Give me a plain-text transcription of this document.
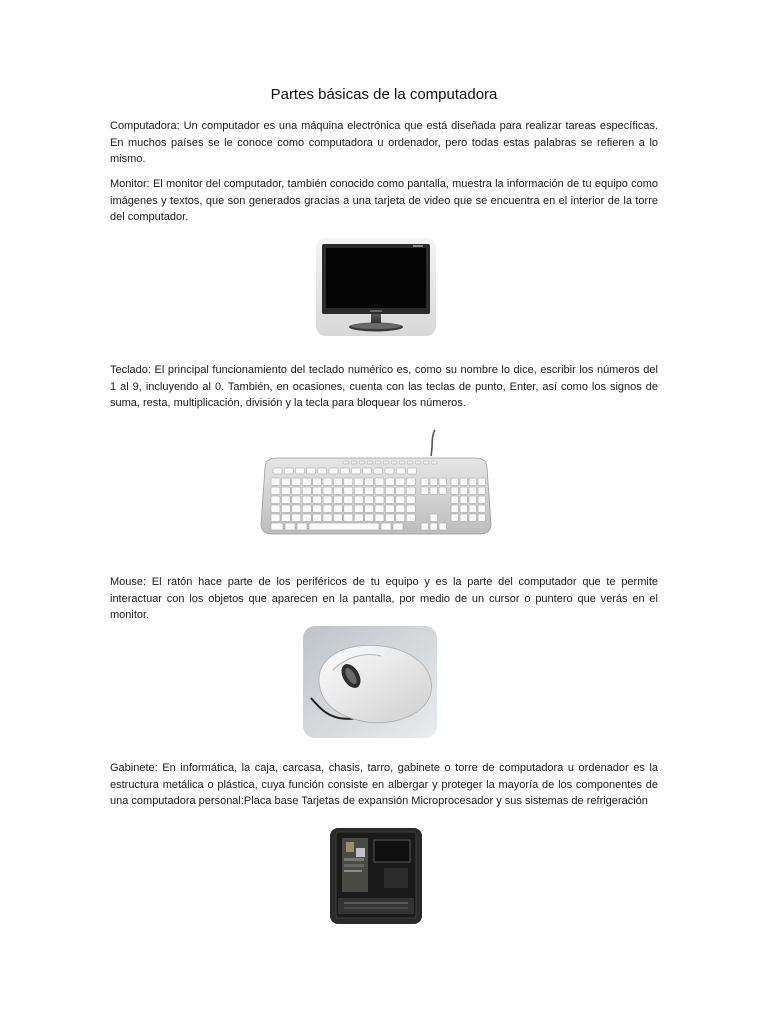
Partes básicas de la computadora

Computadora: Un computador es una máquina electrónica que está diseñada para realizar tareas específicas. En muchos países se le conoce como computadora u ordenador, pero todas estas palabras se refieren a lo mismo.

Monitor: El monitor del computador, también conocido como pantalla, muestra la información de tu equipo como imágenes y textos, que son generados gracias a una tarjeta de video que se encuentra en el interior de la torre del computador.

Teclado: El principal funcionamiento del teclado numérico es, como su nombre lo dice, escribir los números del 1 al 9, incluyendo al 0. También, en ocasiones, cuenta con las teclas de punto, Enter, así como los signos de suma, resta, multiplicación, división y la tecla para bloquear los números.

Mouse: El ratón hace parte de los periféricos de tu equipo y es la parte del computador que te permite interactuar con los objetos que aparecen en la pantalla, por medio de un cursor o puntero que verás en el monitor.

Gabinete: En informática, la caja, carcasa, chasis, tarro, gabinete o torre de computadora u ordenador es la estructura metálica o plástica, cuya función consiste en albergar y proteger la mayoría de los componentes de una computadora personal:Placa base Tarjetas de expansión Microprocesador y sus sistemas de refrigeración
